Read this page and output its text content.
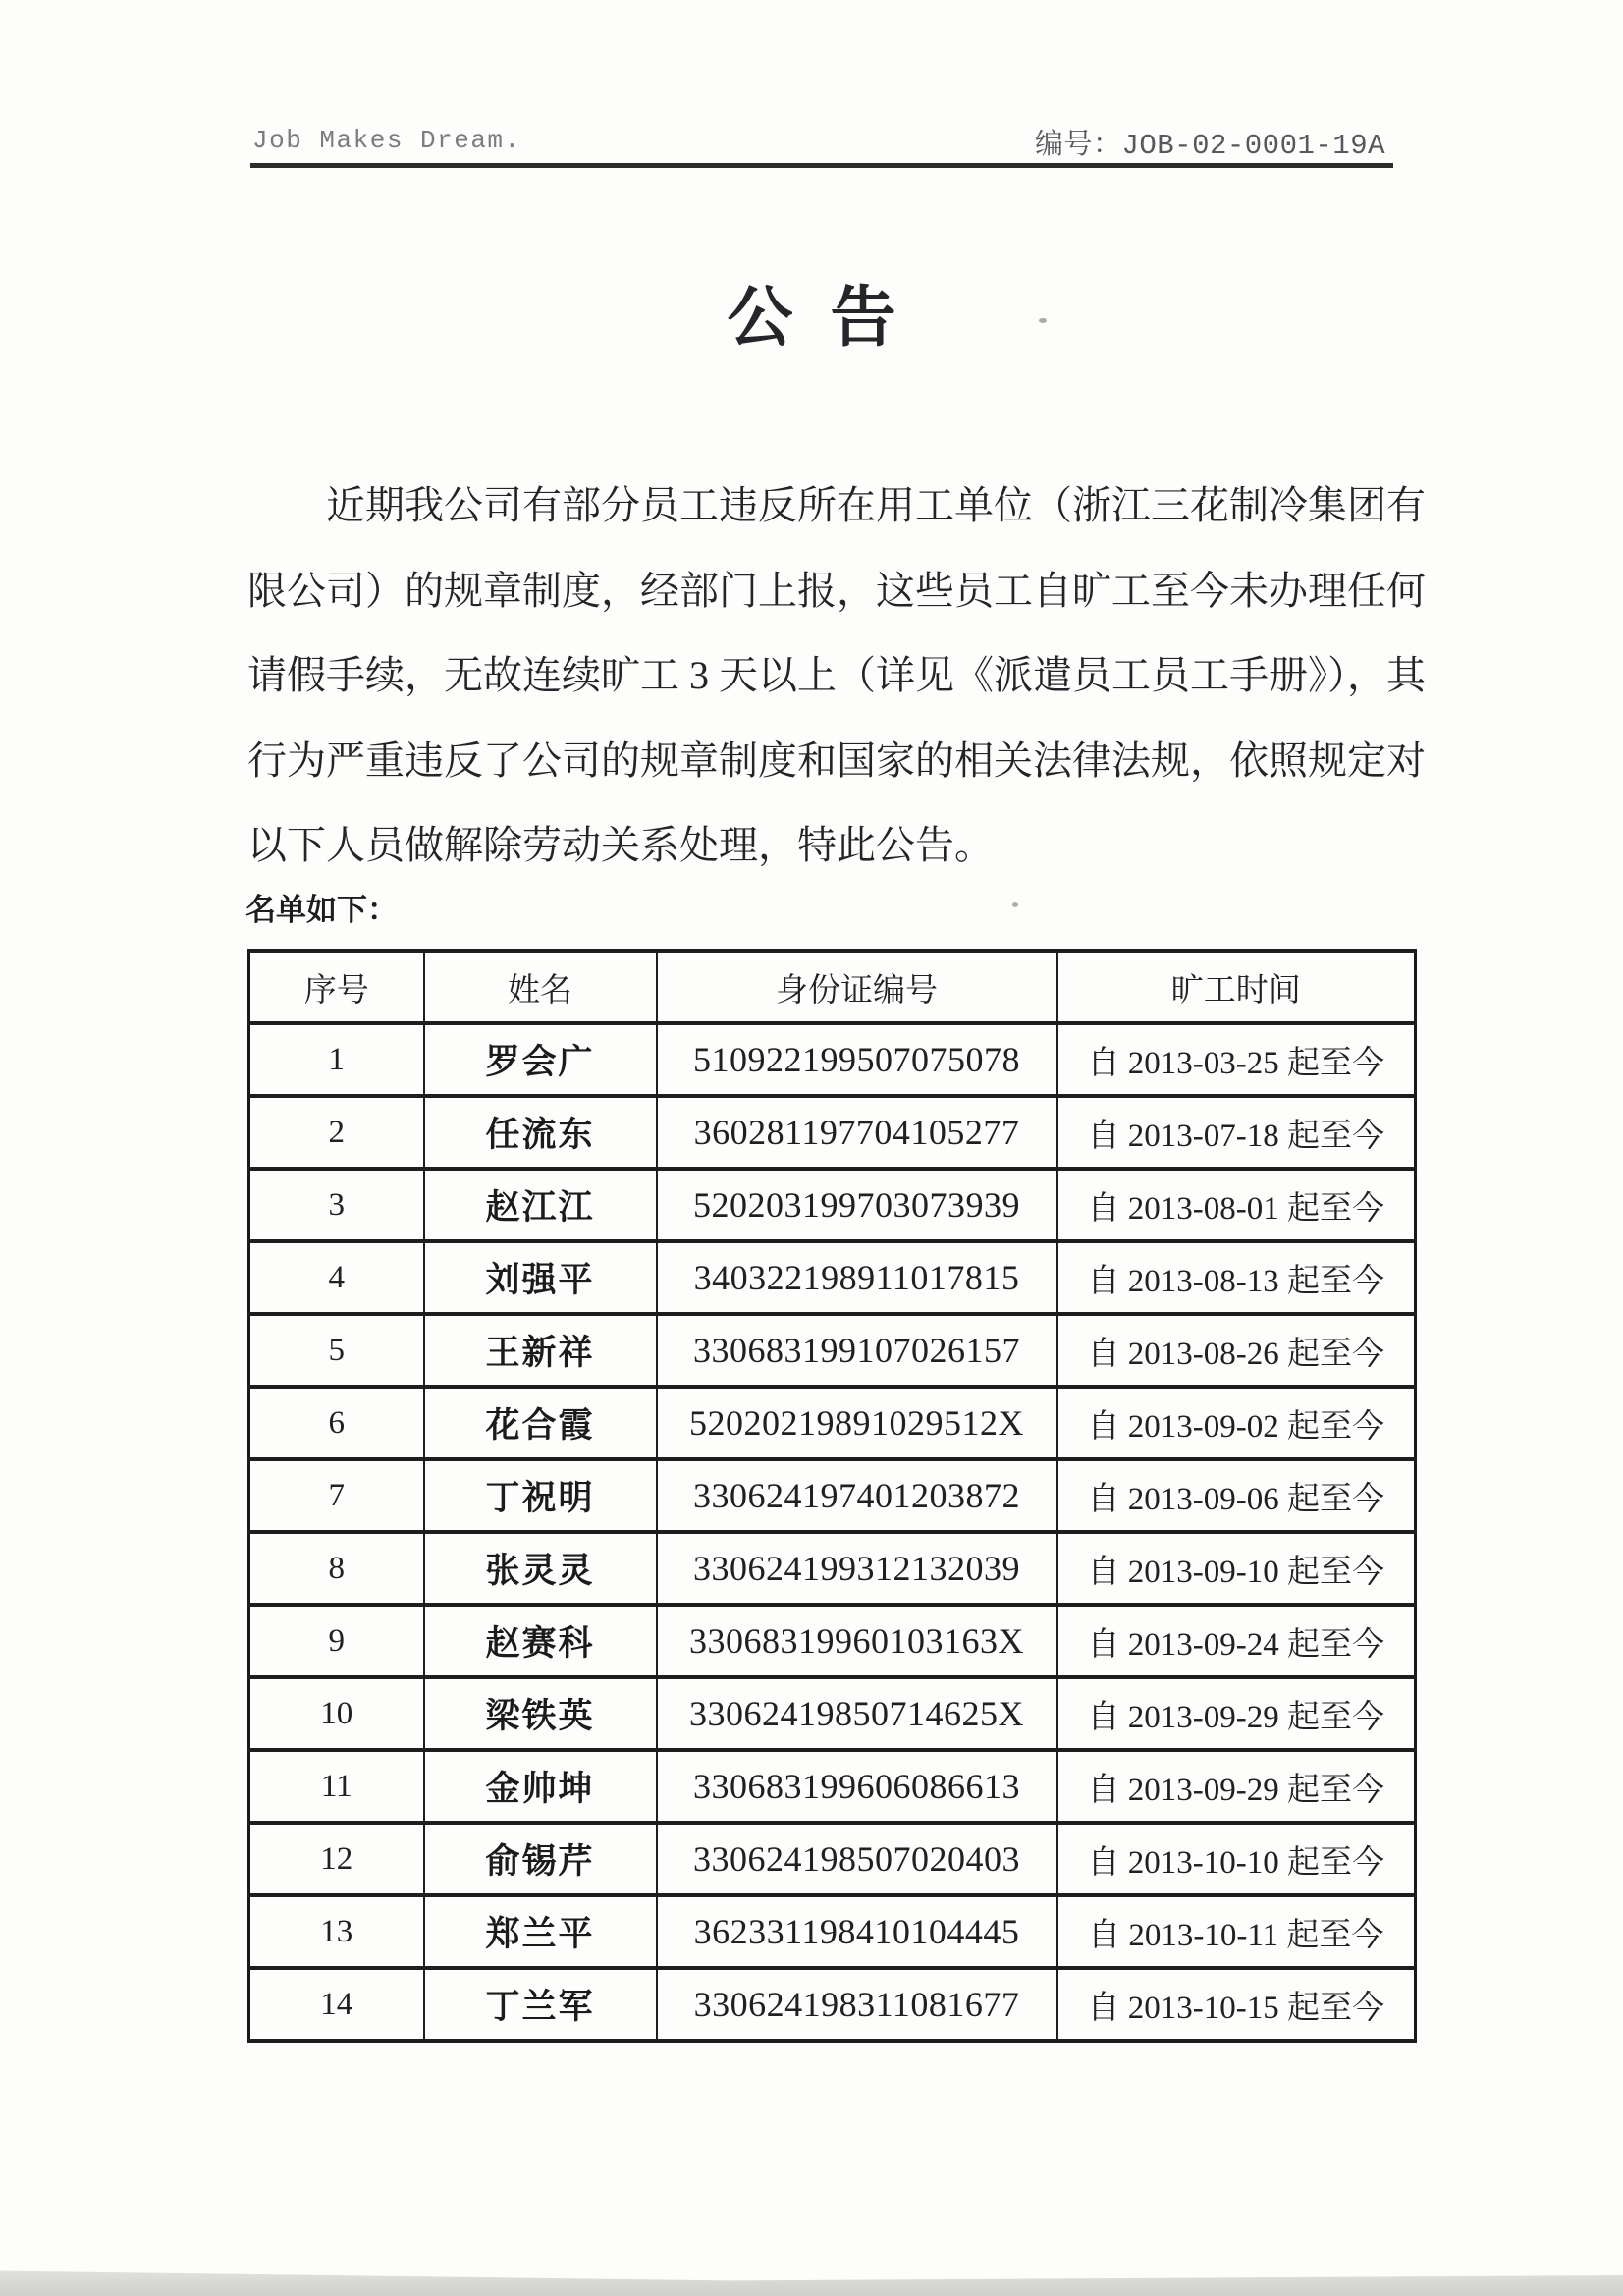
Job Makes Dream.	编号：JOB-02-0001-19A
公告
近期我公司有部分员工违反所在用工单位（浙江三花制冷集团有
限公司）的规章制度，经部门上报，这些员工自旷工至今未办理任何
请假手续，无故连续旷工 3 天以上（详见《派遣员工员工手册》），其
行为严重违反了公司的规章制度和国家的相关法律法规，依照规定对
以下人员做解除劳动关系处理，特此公告。
名单如下：
序号	姓名	身份证编号	旷工时间
1	罗会广	510922199507075078	自 2013-03-25 起至今
2	任流东	360281197704105277	自 2013-07-18 起至今
3	赵江江	520203199703073939	自 2013-08-01 起至今
4	刘强平	340322198911017815	自 2013-08-13 起至今
5	王新祥	330683199107026157	自 2013-08-26 起至今
6	花合霞	52020219891029512X	自 2013-09-02 起至今
7	丁祝明	330624197401203872	自 2013-09-06 起至今
8	张灵灵	330624199312132039	自 2013-09-10 起至今
9	赵赛科	33068319960103163X	自 2013-09-24 起至今
10	梁铁英	33062419850714625X	自 2013-09-29 起至今
11	金帅坤	330683199606086613	自 2013-09-29 起至今
12	俞锡芹	330624198507020403	自 2013-10-10 起至今
13	郑兰平	362331198410104445	自 2013-10-11 起至今
14	丁兰军	330624198311081677	自 2013-10-15 起至今
